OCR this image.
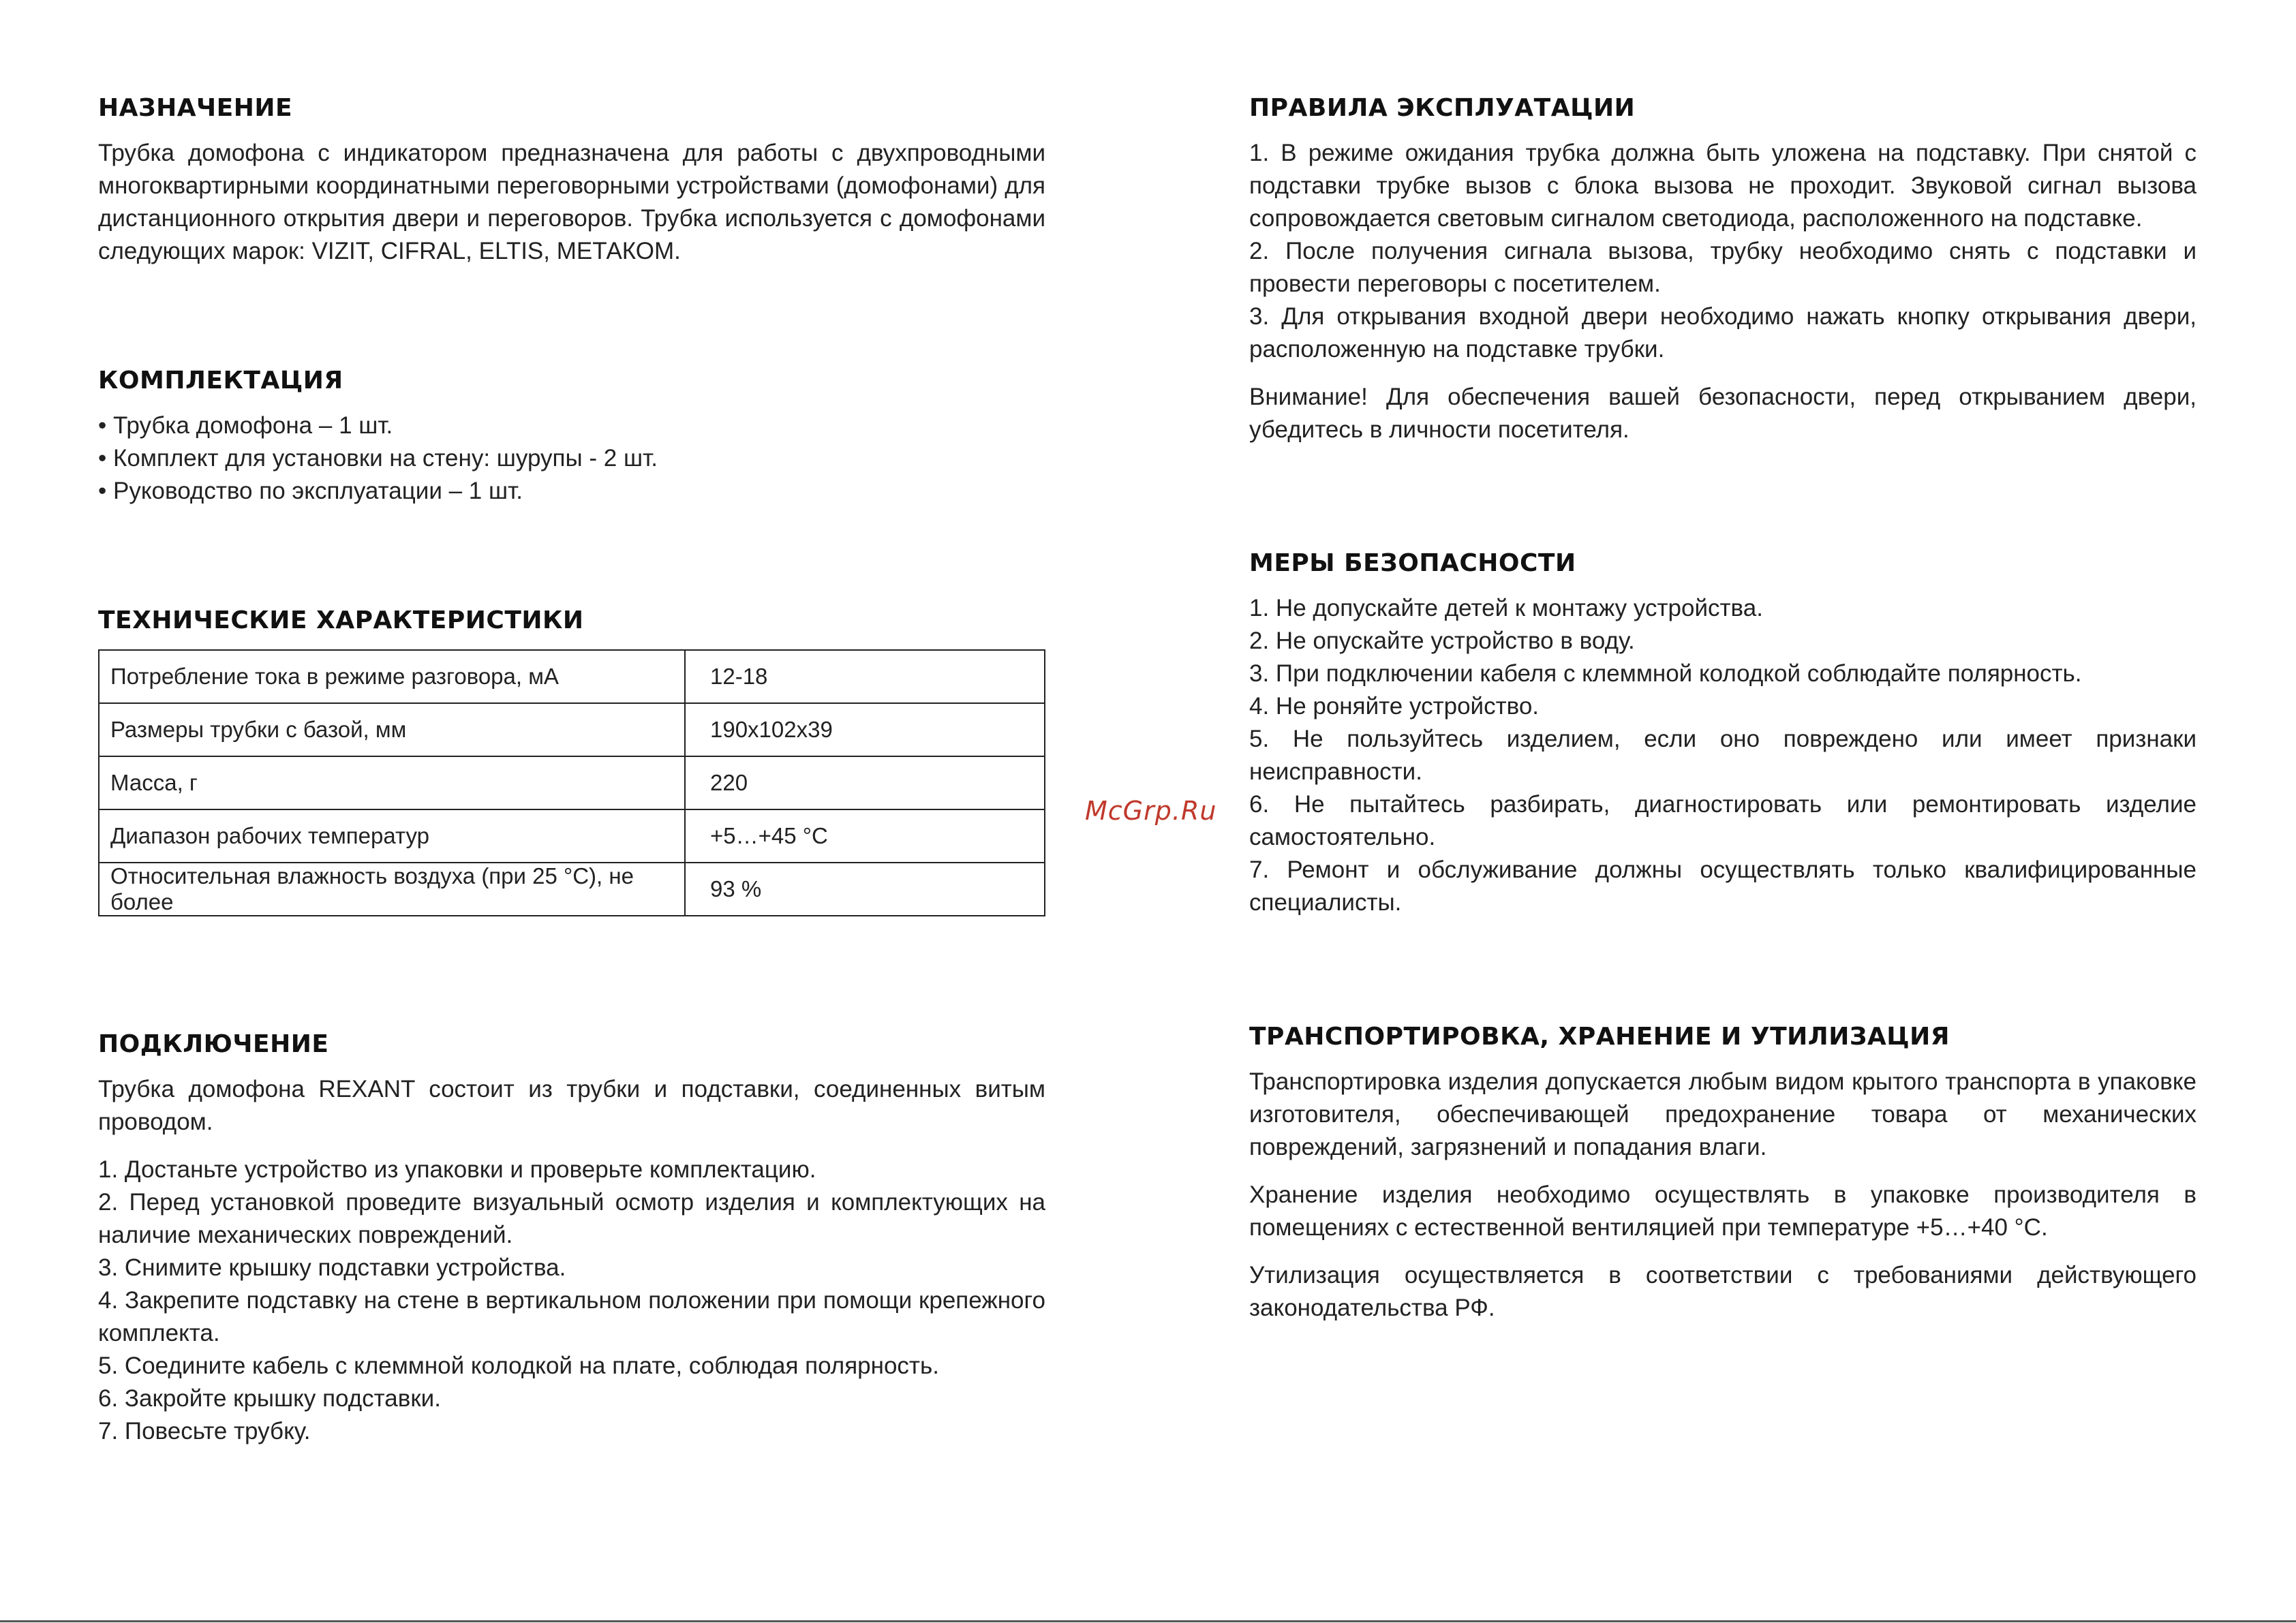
НАЗНАЧЕНИЕ

Трубка домофона с индикатором предназначена для работы с двухпроводными многоквартирными координатными переговорными устройствами (домофонами) для дистанционного открытия двери и переговоров. Трубка используется с домофонами следующих марок: VIZIT, CIFRAL, ELTIS, МЕТАКОМ.

КОМПЛЕКТАЦИЯ
• Трубка домофона – 1 шт.
• Комплект для установки на стену: шурупы - 2 шт.
• Руководство по эксплуатации – 1 шт.
ТЕХНИЧЕСКИЕ ХАРАКТЕРИСТИКИ
Потребление тока в режиме разговора, мА	12-18
Размеры трубки с базой, мм	190х102х39
Масса, г	220
Диапазон рабочих температур	+5…+45 °С
Относительная влажность воздуха (при 25 °С), не более	93 %
ПОДКЛЮЧЕНИЕ

Трубка домофона REXANT состоит из трубки и подставки, соединенных витым проводом.

1. Достаньте устройство из упаковки и проверьте комплектацию.
2. Перед установкой проведите визуальный осмотр изделия и комплектующих на наличие механических повреждений.
3. Снимите крышку подставки устройства.
4. Закрепите подставку на стене в вертикальном положении при помощи крепежного комплекта.
5. Соедините кабель с клеммной колодкой на плате, соблюдая полярность.
6. Закройте крышку подставки.
7. Повесьте трубку.
ПРАВИЛА ЭКСПЛУАТАЦИИ
1. В режиме ожидания трубка должна быть уложена на подставку. При снятой с подставки трубке вызов с блока вызова не проходит. Звуковой сигнал вызова сопровождается световым сигналом светодиода, расположенного на подставке.
2. После получения сигнала вызова, трубку необходимо снять с подставки и провести переговоры с посетителем.
3. Для открывания входной двери необходимо нажать кнопку открывания двери, расположенную на подставке трубки.

Внимание! Для обеспечения вашей безопасности, перед открыванием двери, убедитесь в личности посетителя.

МЕРЫ БЕЗОПАСНОСТИ
1. Не допускайте детей к монтажу устройства.
2. Не опускайте устройство в воду.
3. При подключении кабеля с клеммной колодкой соблюдайте полярность.
4. Не роняйте устройство.
5. Не пользуйтесь изделием, если оно повреждено или имеет признаки неисправности.
6. Не пытайтесь разбирать, диагностировать или ремонтировать изделие самостоятельно.
7. Ремонт и обслуживание должны осуществлять только квалифицированные специалисты.
ТРАНСПОРТИРОВКА, ХРАНЕНИЕ И УТИЛИЗАЦИЯ

Транспортировка изделия допускается любым видом крытого транспорта в упаковке изготовителя, обеспечивающей предохранение товара от механических повреждений, загрязнений и попадания влаги.

Хранение изделия необходимо осуществлять в упаковке производителя в помещениях с естественной вентиляцией при температуре +5…+40 °С.

Утилизация осуществляется в соответствии с требованиями действующего законодательства РФ.

McGrp.Ru
